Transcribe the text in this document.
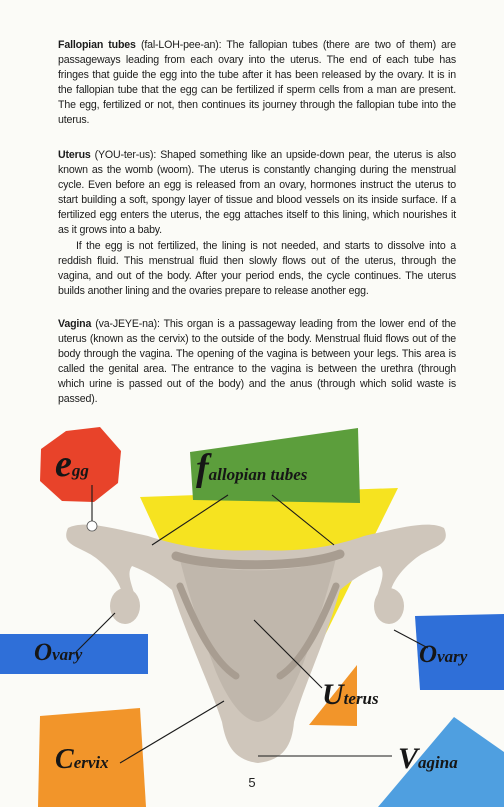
Fallopian tubes (fal-LOH-pee-an): The fallopian tubes (there are two of them) are passageways leading from each ovary into the uterus. The end of each tube has fringes that guide the egg into the tube after it has been released by the ovary. It is in the fallopian tube that the egg can be fertilized if sperm cells from a man are present. The egg, fertilized or not, then continues its journey through the fallopian tube into the uterus.

Uterus (YOU-ter-us): Shaped something like an upside-down pear, the uterus is also known as the womb (woom). The uterus is constantly changing during the menstrual cycle. Even before an egg is released from an ovary, hormones instruct the uterus to start building a soft, spongy layer of tissue and blood vessels on its inside surface. If a fertilized egg enters the uterus, the egg attaches itself to this lining, which nourishes it as it grows into a baby.

If the egg is not fertilized, the lining is not needed, and starts to dissolve into a reddish fluid. This menstrual fluid then slowly flows out of the uterus, through the vagina, and out of the body. After your period ends, the cycle continues. The uterus builds another lining and the ovaries prepare to release another egg.

Vagina (va-JEYE-na): This organ is a passageway leading from the lower end of the uterus (known as the cervix) to the outside of the body. Menstrual fluid flows out of the body through the vagina. The opening of the vagina is between your legs. This area is called the genital area. The entrance to the vagina is between the urethra (through which urine is passed out of the body) and the anus (through which solid waste is passed).

egg	fallopian tubes
Ovary	Ovary
Uterus
Cervix	Vagina
5
